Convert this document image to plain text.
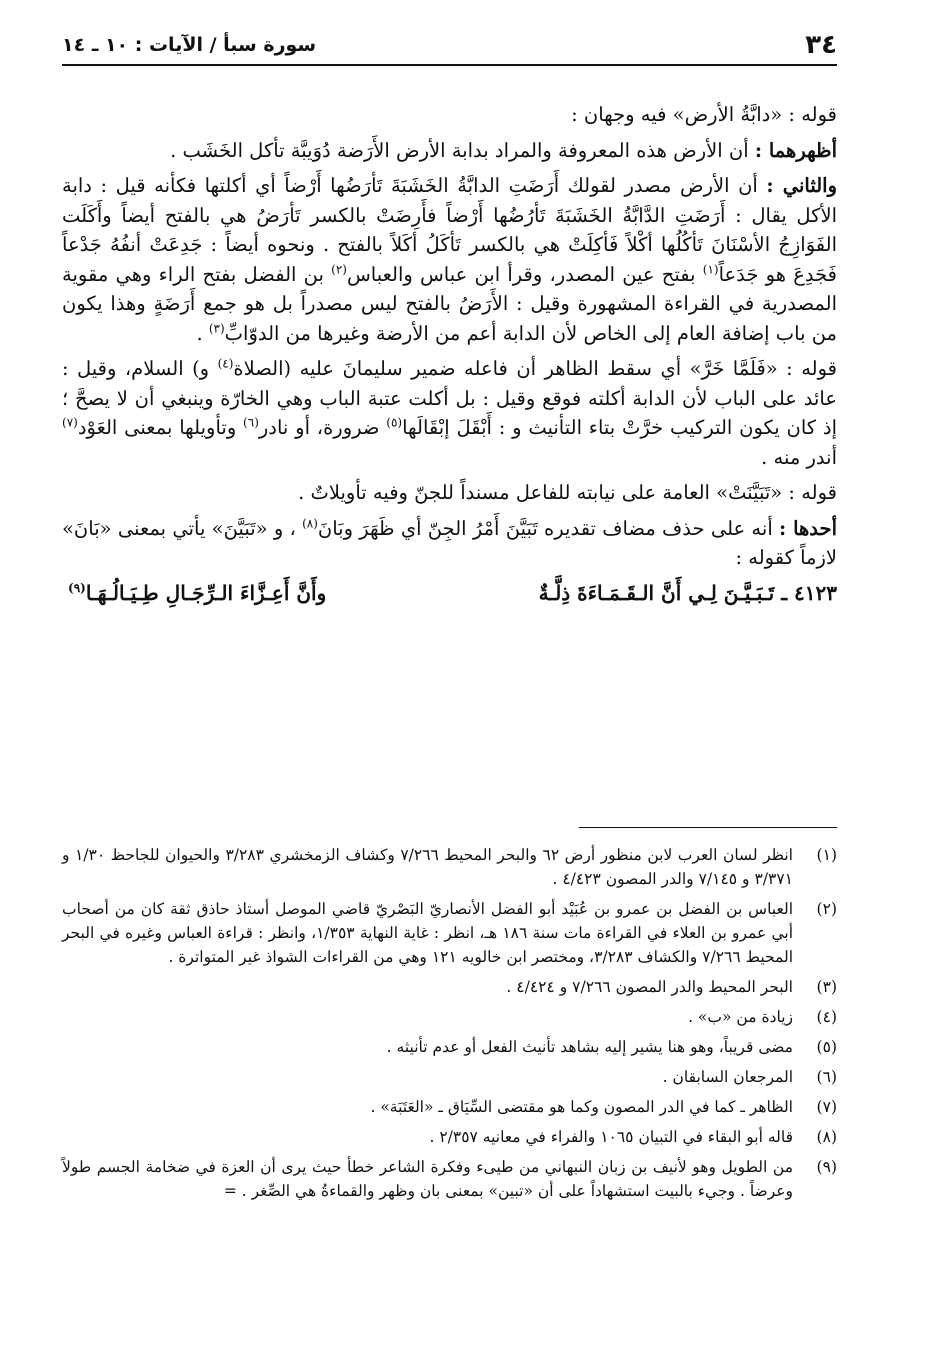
٣٤
سورة سبأ / الآيات : ١٠ ـ ١٤

قوله : «دابَّةُ الأرض» فيه وجهان :

أظهرهما : أن الأرض هذه المعروفة والمراد بدابة الأرض الأَرَضة دُوَيبَّة تأكل الخَشَب .

والثاني : أن الأرض مصدر لقولك أَرَضَتِ الدابَّةُ الخَشَبَةَ تَأرَضُها أَرْضاً أي أكلتها فكأنه قيل : دابة الأكل يقال : أَرَضَتِ الدَّابَّةُ الخَشَبَةَ تَأرُضُها أَرْضاً فأَرِضَتْ بالكسر تَأرَضُ هي بالفتح أيضاً وأَكَلَت الفَوَازِجُ الأسْنَانَ تَأكُلُها أكْلاً فَأكِلَتْ هي بالكسر تَأكَلُ أكَلاً بالفتح . ونحوه أيضاً : جَدِعَتْ أنفُهُ جَدْعاً فَجَدِعَ هو جَدَعاً$^{(١)}$ بفتح عين المصدر، وقرأ ابن عباس والعباس$^{(٢)}$ بن الفضل بفتح الراء وهي مقوية المصدرية في القراءة المشهورة وقيل : الأَرَضُ بالفتح ليس مصدراً بل هو جمع أَرَضَةٍ وهذا يكون من باب إضافة العام إلى الخاص لأن الدابة أعم من الأرضة وغيرها من الدوّابِّ$^{(٣)}$ .

قوله : «فَلَمَّا خَرَّ» أي سقط الظاهر أن فاعله ضمير سليمانَ عليه (الصلاة$^{(٤)}$ و) السلام، وقيل : عائد على الباب لأن الدابة أكلته فوقع وقيل : بل أكلت عتبة الباب وهي الخارّة وينبغي أن لا يصحَّ ؛ إذ كان يكون التركيب خرَّتْ بتاء التأنيث و : أَبْقَلَ إبْقَالَها$^{(٥)}$ ضرورة، أو نادر$^{(٦)}$ وتأويلها بمعنى العَوْد$^{(٧)}$ أندر منه .

قوله : «تَبَيَّنَتْ» العامة على نيابته للفاعل مسنداً للجنّ وفيه تأويلاتٌ .

أحدها : أنه على حذف مضاف تقديره تَبَيَّنَ أَمْرُ الجِنّ أي ظَهَرَ وبَانَ$^{(٨)}$ ، و «تَبَيَّنَ» يأتي بمعنى «بَانَ» لازماً كقوله :

٤١٢٣ ـ تَـبَـيَّـنَ لِـي أَنَّ الـقَـمَـاءَةَ ذِلَّـةٌ
وأَنَّ أَعِـزَّاءَ الـرِّجَـالِ طِـيَـالُـهَـا(٩)
(١)
انظر لسان العرب لابن منظور أرض ٦٢ والبحر المحيط ٧/٢٦٦ وكشاف الزمخشري ٣/٢٨٣ والحيوان للجاحظ ١/٣٠ و ٣/٣٧١ و ٧/١٤٥ والدر المصون ٤/٤٢٣ .
(٢)
العباس بن الفضل بن عمرو بن عُبَيْد أبو الفضل الأنصاريّ البَصْريّ قاضي الموصل أستاذ حاذق ثقة كان من أصحاب أبي عمرو بن العلاء في القراءة مات سنة ١٨٦ هـ، انظر : غاية النهاية ١/٣٥٣، وانظر : قراءة العباس وغيره في البحر المحيط ٧/٢٦٦ والكشاف ٣/٢٨٣، ومختصر ابن خالويه ١٢١ وهي من القراءات الشواذ غير المتواترة .
(٣)
البحر المحيط والدر المصون ٧/٢٦٦ و ٤/٤٢٤ .
(٤)
زيادة من «ب» .
(٥)
مضى قريباً، وهو هنا يشير إليه بشاهد تأنيث الفعل أو عدم تأنيثه .
(٦)
المرجعان السابقان .
(٧)
الظاهر ـ كما في الدر المصون وكما هو مقتضى السِّيَاق ـ «العَتَبَة» .
(٨)
قاله أبو البقاء في التبيان ١٠٦٥ والفراء في معانيه ٢/٣٥٧ .
(٩)
من الطويل وهو لأنيف بن زبان النبهاني من طيىء وفكرة الشاعر خطأ حيث يرى أن العزة في ضخامة الجسم طولاً وعرضاً . وجيء بالبيت استشهاداً على أن «تبين» بمعنى بان وظهر والقماءةُ هي الصِّغر . =
